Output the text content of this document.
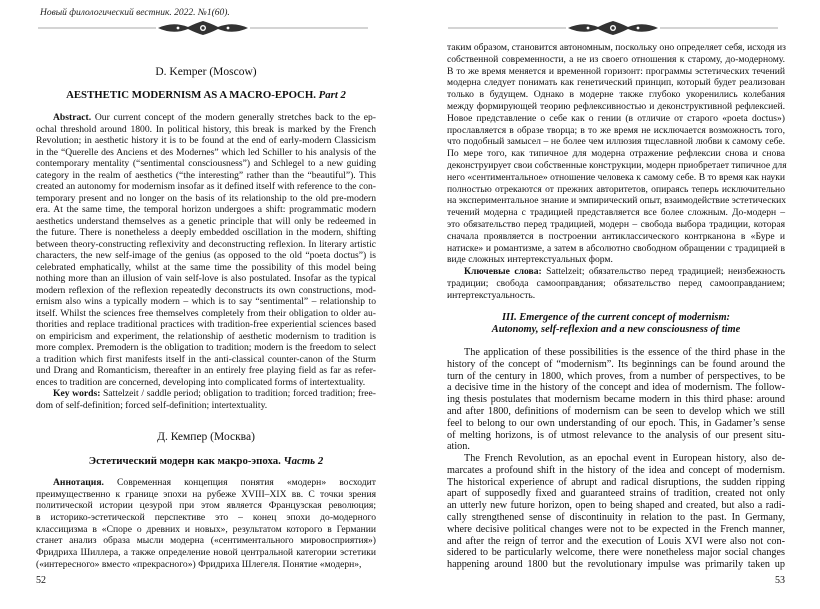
Новый филологический вестник. 2022. №1(60).
D. Kemper (Moscow)
AESTHETIC MODERNISM AS A MACRO-EPOCH. Part 2
Abstract. Our current concept of the modern generally stretches back to the ep-
ochal threshold around 1800. In political history, this break is marked by the French
Revolution; in aesthetic history it is to be found at the end of early-modern Classicism
in the “Querelle des Anciens et des Modernes” which led Schiller to his analysis of the
contemporary mentality (“sentimental consciousness”) and Schlegel to a new guiding
category in the realm of aesthetics (“the interesting” rather than the “beautiful”). This
created an autonomy for modernism insofar as it defined itself with reference to the con-
temporary present and no longer on the basis of its relationship to the old pre-modern
era. At the same time, the temporal horizon undergoes a shift: programmatic modern
aesthetics understand themselves as a genetic principle that will only be redeemed in
the future. There is nonetheless a deeply embedded oscillation in the modern, shifting
between theory-constructing reflexivity and deconstructing reflexion. In literary artistic
characters, the new self-image of the genius (as opposed to the old “poeta doctus”) is
celebrated emphatically, whilst at the same time the possibility of this model being
nothing more than an illusion of vain self-love is also postulated. Insofar as the typical
modern reflexion of the reflexion repeatedly deconstructs its own constructions, mod-
ernism also wins a typically modern – which is to say “sentimental” – relationship to
itself. Whilst the sciences free themselves completely from their obligation to older au-
thorities and replace traditional practices with tradition-free experiential sciences based
on empiricism and experiment, the relationship of aesthetic modernism to tradition is
more complex. Premodern is the obligation to tradition; modern is the freedom to select
a tradition which first manifests itself in the anti-classical counter-canon of the Sturm
und Drang and Romanticism, thereafter in an entirely free playing field as far as refer-
ences to tradition are concerned, developing into complicated forms of intertextuality.
Key words: Sattelzeit / saddle period; obligation to tradition; forced tradition; free-
dom of self-definition; forced self-definition; intertextuality.
Д. Кемпер (Москва)
Эстетический модерн как макро-эпоха. Часть 2
Аннотация. Современная концепция понятия «модерн» восходит
преимущественно к границе эпохи на рубеже XVIII–XIX вв. С точки зрения
политической истории цезурой при этом является Французская революция;
в историко-эстетической перспективе это – конец эпохи до-модерного
классицизма в «Споре о древних и новых», результатом которого в Германии
станет анализ образа мысли модерна («сентиментального мировосприятия»)
Фридриха Шиллера, а также определение новой центральной категории эстетики
(«интересного» вместо «прекрасного») Фридриха Шлегеля. Понятие «модерн»,
52
таким образом, становится автономным, поскольку оно определяет себя, исходя из
собственной современности, а не из своего отношения к старому, до-модерному.
В то же время меняется и временной горизонт: программы эстетических течений
модерна следует понимать как генетический принцип, который будет реализован
только в будущем. Однако в модерне также глубоко укоренились колебания
между формирующей теорию рефлексивностью и деконструктивной рефлексией.
Новое представление о себе как о гении (в отличие от старого «poeta doctus»)
прославляется в образе творца; в то же время не исключается возможность того,
что подобный замысел – не более чем иллюзия тщеславной любви к самому себе.
По мере того, как типичное для модерна отражение рефлексии снова и снова
деконструирует свои собственные конструкции, модерн приобретает типичное для
него «сентиментальное» отношение человека к самому себе. В то время как науки
полностью отрекаются от прежних авторитетов, опираясь теперь исключительно
на экспериментальное знание и эмпирический опыт, взаимодействие эстетических
течений модерна с традицией представляется все более сложным. До-модерн –
это обязательство перед традицией, модерн – свобода выбора традиции, которая
сначала проявляется в построении антиклассического контрканона в «Буре и
натиске» и романтизме, а затем в абсолютно свободном обращении с традицией в
виде сложных интертекстуальных форм.
Ключевые слова: Sattelzeit; обязательство перед традицией; неизбежность
традиции; свобода самооправдания; обязательство перед самооправданием;
интертекстуальность.
III. Emergence of the current concept of modernism:
Autonomy, self-reflexion and a new consciousness of time
The application of these possibilities is the essence of the third phase in the
history of the concept of “modernism”. Its beginnings can be found around the
turn of the century in 1800, which proves, from a number of perspectives, to be
a decisive time in the history of the concept and idea of modernism. The follow-
ing thesis postulates that modernism became modern in this third phase: around
and after 1800, definitions of modernism can be seen to develop which we still
feel to belong to our own understanding of our epoch. This, in Gadamer’s sense
of melting horizons, is of utmost relevance to the analysis of our present situ-
ation.
The French Revolution, as an epochal event in European history, also de-
marcates a profound shift in the history of the idea and concept of modernism.
The historical experience of abrupt and radical disruptions, the sudden ripping
apart of supposedly fixed and guaranteed strains of tradition, created not only
an utterly new future horizon, open to being shaped and created, but also a radi-
cally strengthened sense of discontinuity in relation to the past. In Germany,
where decisive political changes were not to be expected in the French manner,
and after the reign of terror and the execution of Louis XVI were also not con-
sidered to be particularly welcome, there were nonetheless major social changes
happening around 1800 but the revolutionary impulse was primarily taken up
53
